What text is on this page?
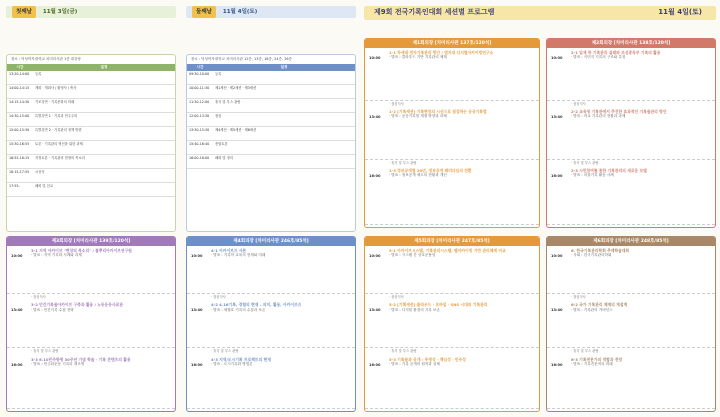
첫째날 11월 3일(금)
장소 : 덕성여자대학교 차미리사관 1층 대강당
시간	일정
13:20-14:00	등록
14:00-14:15	개회 · 개회사 / 환영사 / 축사
14:15-14:30	기조강연 · 기록문화의 미래
14:30-15:00	특별강연 1 · 기록과 민주주의
15:00-15:30	특별강연 2 · 기록관리 정책 방향
15:30-16:55	토론 · 기록관리 혁신을 위한 과제
16:55-18:15	지정토론 · 기록관리 현장의 목소리
18:15-17:55	시상식
17:55-	폐회 및 친교
둘째날 11월 4일(토)
장소 : 덕성여자대학교 차미리사관 12층, 13층, 18층, 24층, 26층
시간	일정
09:30-10:00	등록
10:00-11:30	제1세션 · 제2세션 · 제3세션
11:30-12:00	휴식 및 부스 관람
12:00-13:30	점심
13:30-15:30	제4세션 · 제5세션 · 제6세션
15:40-16:40	종합토론
16:00-18:00	폐회 및 정리
제9회 전국기록인대회 세션별 프로그램	11월 4일(토)
제1회의장 [차미리사관 137호/120석]
10:00
1-1 차세대 전자기록관리 방안 / 범지대 디지털아카이빙연구소
· 발표 : 클라우드 기반 기록관리 체계
· 점심식사
13:40
1-2 [기록세션] 기록현장의 시선으로 점검하는 공공기록법
· 발표 : 공공기록법 개정 방향과 과제
· 휴식 및 부스 관람
16:00
1-3 정보공개법 20년, 정보공개 패러다임의 전환
· 발표 : 정보공개 제도의 현황과 개선
제2회의장 [차미리사관 138호/120석]
10:00
2-1 일제 하 기록관리 실태와 조선총독부 기록의 활용
· 발표 : 식민지 기록의 구조와 특징
· 점심식사
13:40
2-2 교육청 기록관에서 추진한 효과적인 기록물관리 방안
· 발표 : 학교 기록관리 현황과 과제
· 휴식 및 부스 관람
16:00
2-3 시민참여를 통한 기록관리의 새로운 모델
· 발표 : 마을기록 활동 사례
제3회의장 [차미리사관 139호/120석]
10:00
3-1 지역 아카이브 "현장의 목소리" / 풀뿌리아카이브연구원
· 발표 : 지역 기록화 사례와 과제
· 점심식사
13:40
3-2 민간기록물아카이브 구축과 활용 / 노동운동사료관
· 발표 : 민간기록 수집 전략
· 휴식 및 부스 관람
16:00
3-3 6.10민주항쟁 30주년 기념 학술 · 기록 콘텐츠의 활용
· 발표 : 민주화운동 기록의 재조명
제4회의장 [차미리사관 246호/85석]
10:00
4-1 아카이브즈 사론
· 발표 : 기록학 교육의 현재와 미래
· 점심식사
13:40
4-2 4.16기록, 경험의 현재 – 의미, 활용, 아카이브즈
· 발표 : 세월호 기록의 수집과 보존
· 휴식 및 부스 관람
16:00
4-3 지역/도시기록 프로젝트의 현재
· 발표 : 도시기록화 방법론
제5회의장 [차미리사관 247호/85석]
10:00
5-1 아카이브시스템, 기록관리시스템, 웹아카이빙 기반 관리체계 비교
· 발표 : 시스템 간 상호운용성
· 점심식사
13:40
5-2 [기획세션] 클라우드 · 모바일 · SNS 시대의 기록관리
· 발표 : 디지털 환경의 기록 보존
· 휴식 및 부스 관람
16:00
5-3 기록물과 공개 : 투명성 · 책임성 · 민주성
· 발표 : 기록 공개의 원칙과 실제
제6회의장 [차미리사관 248호/85석]
10:00
6. 한국기록관리학회 추계학술대회
· 사회 : 한국기록관리학회
· 점심식사
13:40
6-2 국가 기록관리 체계의 재설계
· 발표 : 기록관리 거버넌스
· 휴식 및 부스 관람
16:00
6-3 기록전문가의 역할과 전망
· 발표 : 기록전문직의 미래
